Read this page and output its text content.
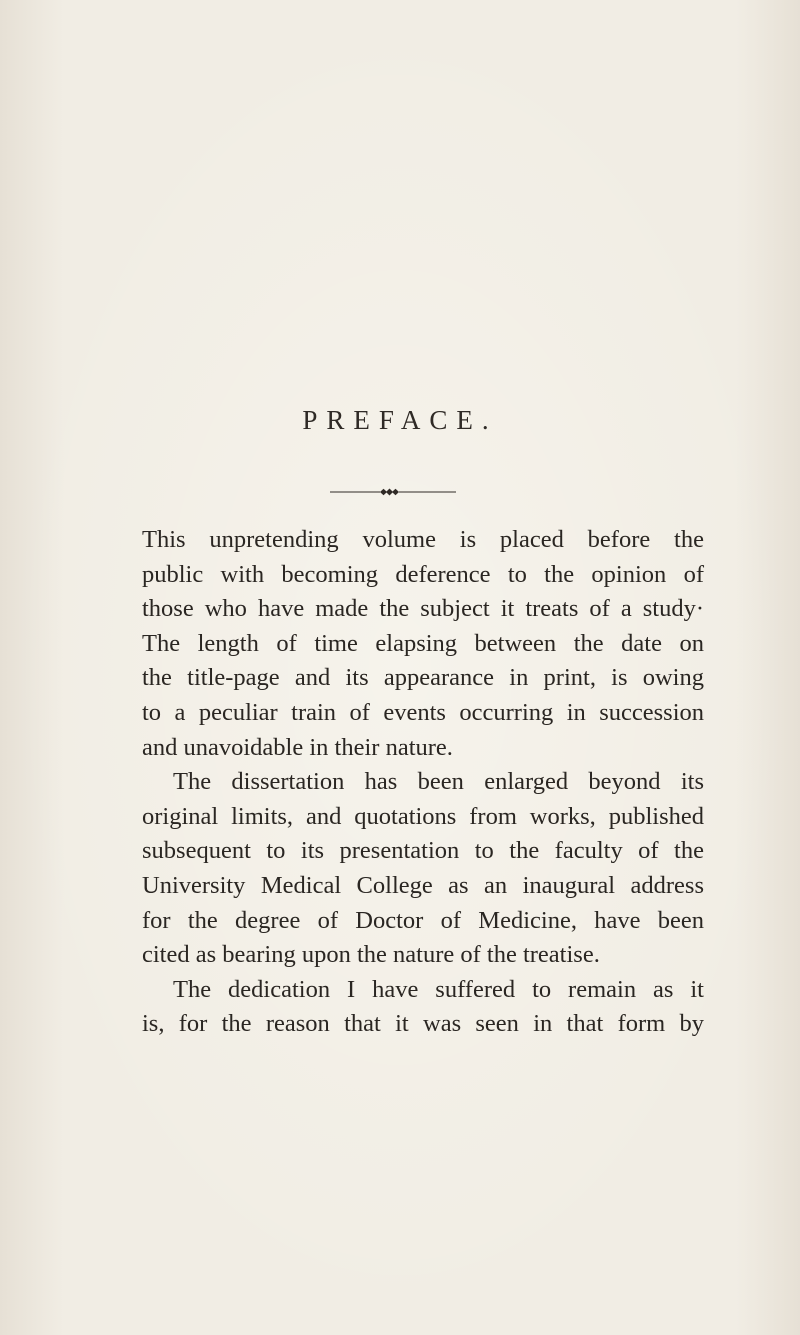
PREFACE.
This unpretending volume is placed before the
public with becoming deference to the opinion of
those who have made the subject it treats of a study·
The length of time elapsing between the date on
the title-page and its appearance in print, is owing
to a peculiar train of events occurring in succession
and unavoidable in their nature.
The dissertation has been enlarged beyond its
original limits, and quotations from works, published
subsequent to its presentation to the faculty of the
University Medical College as an inaugural address
for the degree of Doctor of Medicine, have been
cited as bearing upon the nature of the treatise.
The dedication I have suffered to remain as it
is, for the reason that it was seen in that form by
